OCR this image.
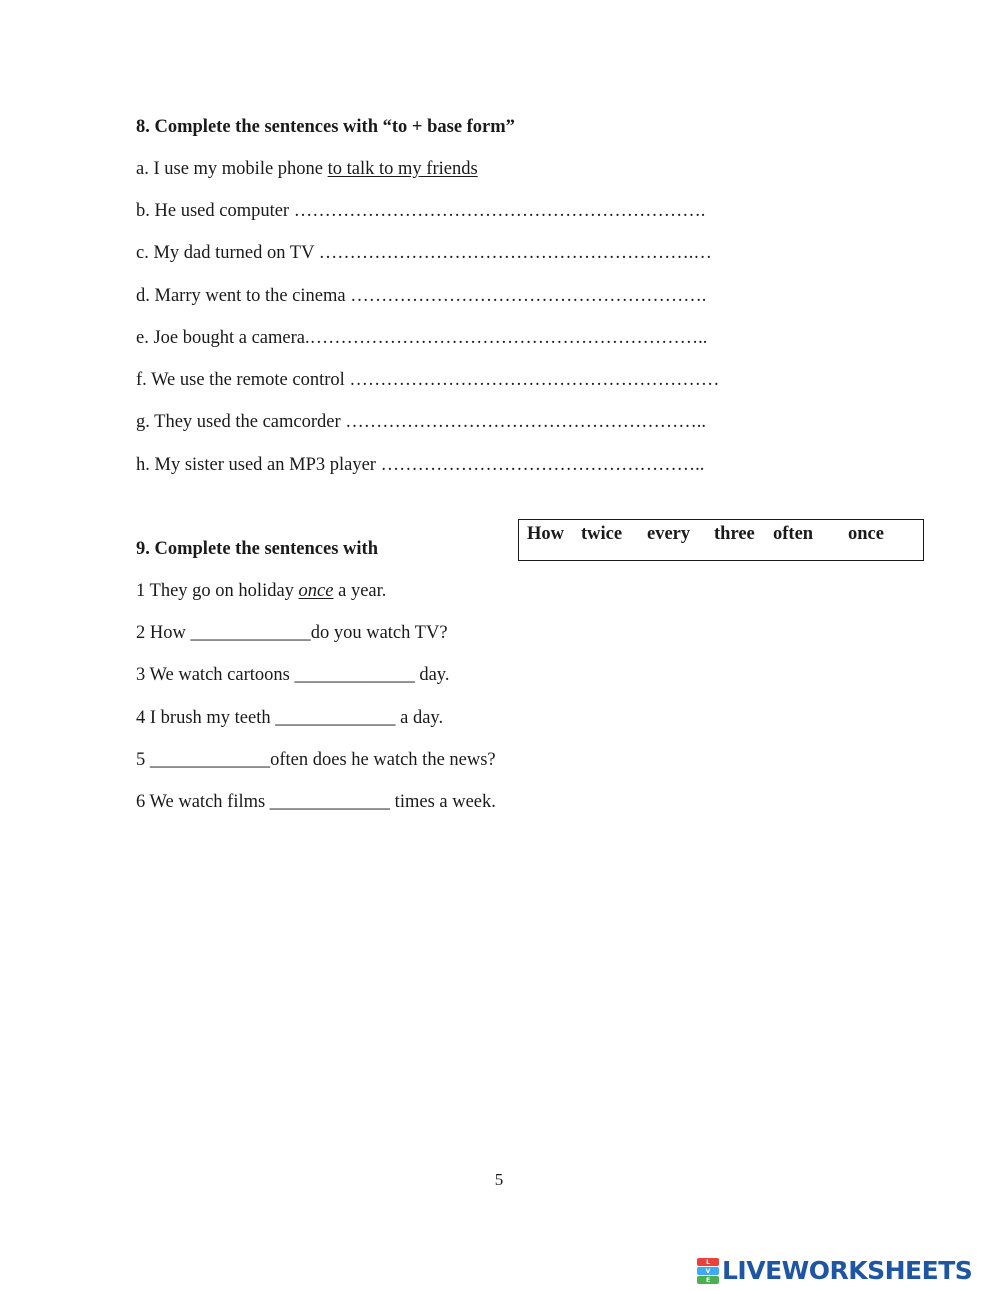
8. Complete the sentences with “to + base form”
a. I use my mobile phone to talk to my friends
b. He used computer ………………………………………………………….
c. My dad turned on TV …………………………………………………….…
d. Marry went to the cinema ………………………………………………….
e. Joe bought a camera.………………………………………………………..
f. We use the remote control ……………………………………………………
g. They used the camcorder …………………………………………………..
h. My sister used an MP3 player ……………………………………………..
9. Complete the sentences with
How twice every three often once
1 They go on holiday once a year.
2 How _____________do you watch TV?
3 We watch cartoons _____________ day.
4 I brush my teeth _____________ a day.
5 _____________often does he watch the news?
6 We watch films _____________ times a week.
5
L
V
E LIVEWORKSHEETS
